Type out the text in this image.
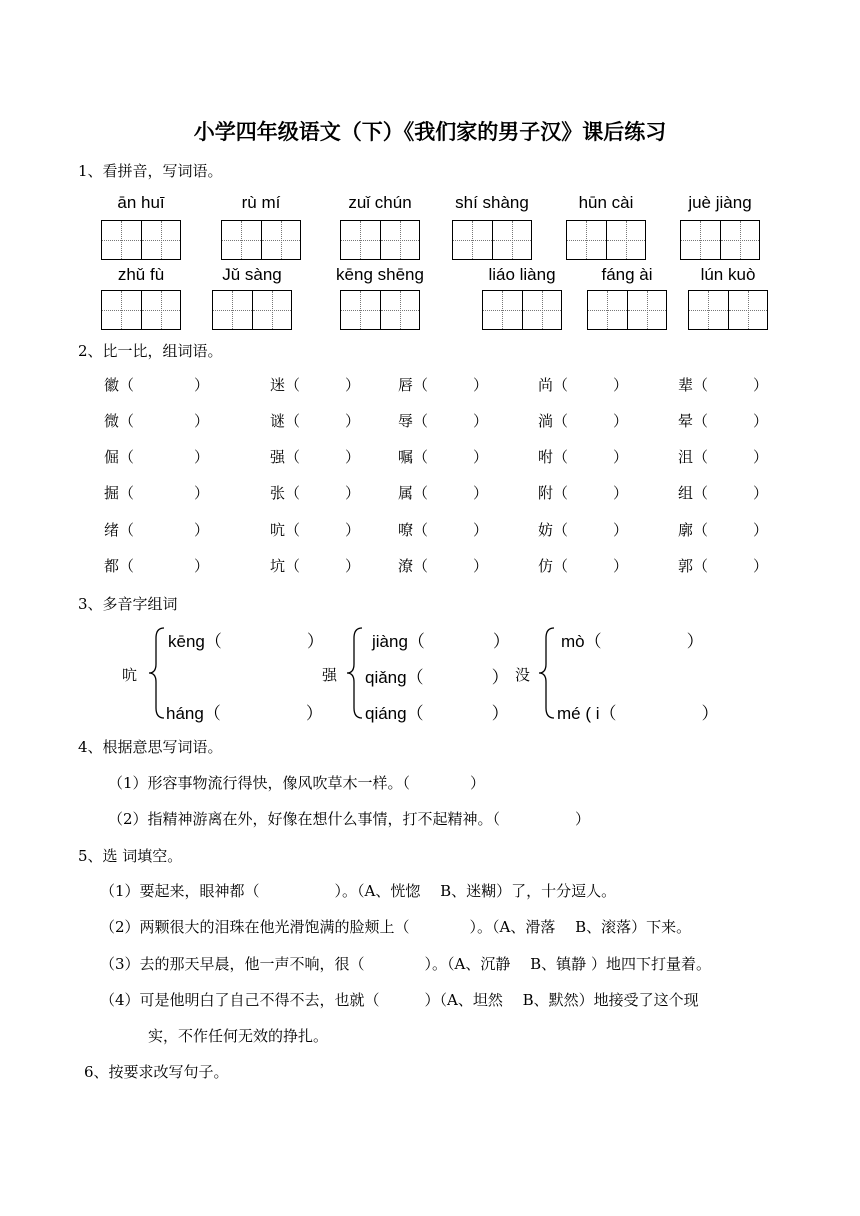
小学四年级语文（下）《我们家的男子汉》课后练习
1、看拼音，写词语。
ān huī	rù mí	zuǐ chún	shí shàng	hūn cài	juè jiàng
zhǔ fù	Jǔ sàng	kēng shēng	liáo liàng	fáng ài	lún kuò
2、比一比，组词语。
徽（　　　　）	迷（　　　）	唇（　　　）	尚（　　　）	辈（　　　）
微（　　　　）	谜（　　　）	辱（　　　）	淌（　　　）	晕（　　　）
倔（　　　　）	强（　　　）	嘱（　　　）	咐（　　　）	沮（　　　）
掘（　　　　）	张（　　　）	属（　　　）	附（　　　）	组（　　　）
绪（　　　　）	吭（　　　）	嘹（　　　）	妨（　　　）	廓（　　　）
都（　　　　）	坑（　　　）	潦（　　　）	仿（　　　）	郭（　　　）
3、多音字组词
吭
kēng（　　　　　）
háng（　　　　　）
强
jiàng（　　　　）
qiǎng（　　　　）
qiáng（　　　　）
没
mò（　　　　　）
mé ( i（　　　　　）
4、根据意思写词语。
（1）形容事物流行得快，像风吹草木一样。（　　　　）
（2）指精神游离在外，好像在想什么事情，打不起精神。（　　　　　）
5、选 词填空。
（1）要起来，眼神都（　　　　　）。（A、恍惚　 B、迷糊）了，十分逗人。
（2）两颗很大的泪珠在他光滑饱满的脸颊上（　　　　）。（A、滑落　 B、滚落）下来。
（3）去的那天早晨，他一声不响，很（　　　　）。（A、沉静　 B、镇静 ）地四下打量着。
（4）可是他明白了自己不得不去，也就（　　　）（A、坦然　 B、默然）地接受了这个现
实，不作任何无效的挣扎。
6、按要求改写句子。
